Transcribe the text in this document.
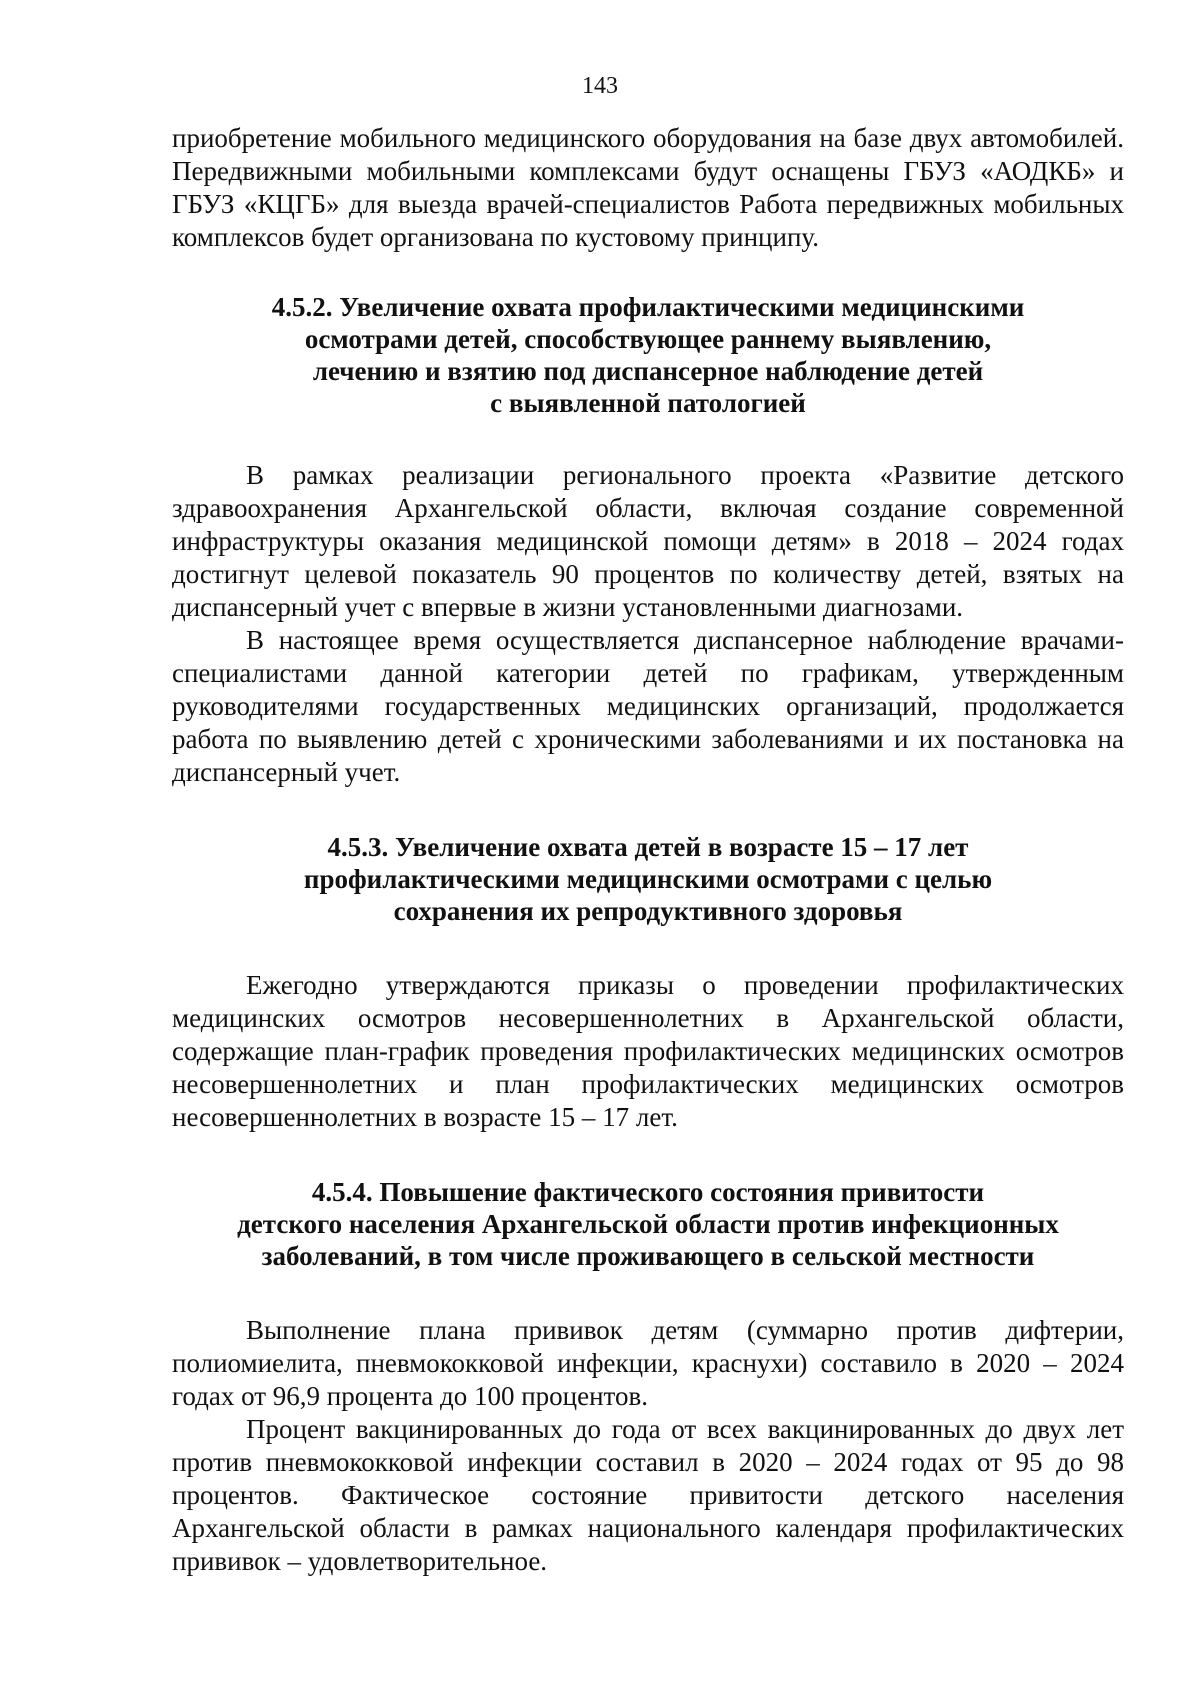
143

приобретение мобильного медицинского оборудования на базе двух автомобилей. Передвижными мобильными комплексами будут оснащены ГБУЗ «АОДКБ» и ГБУЗ «КЦГБ» для выезда врачей-специалистов Работа передвижных мобильных комплексов будет организована по кустовому принципу.

4.5.2. Увеличение охвата профилактическими медицинскими
осмотрами детей, способствующее раннему выявлению,
лечению и взятию под диспансерное наблюдение детей
с выявленной патологией

В рамках реализации регионального проекта «Развитие детского здравоохранения Архангельской области, включая создание современной инфраструктуры оказания медицинской помощи детям» в 2018 – 2024 годах достигнут целевой показатель 90 процентов по количеству детей, взятых на диспансерный учет с впервые в жизни установленными диагнозами.

В настоящее время осуществляется диспансерное наблюдение врачами-специалистами данной категории детей по графикам, утвержденным руководителями государственных медицинских организаций, продолжается работа по выявлению детей с хроническими заболеваниями и их постановка на диспансерный учет.

4.5.3. Увеличение охвата детей в возрасте 15 – 17 лет
профилактическими медицинскими осмотрами с целью
сохранения их репродуктивного здоровья

Ежегодно утверждаются приказы о проведении профилактических медицинских осмотров несовершеннолетних в Архангельской области, содержащие план-график проведения профилактических медицинских осмотров несовершеннолетних и план профилактических медицинских осмотров несовершеннолетних в возрасте 15 – 17 лет.

4.5.4. Повышение фактического состояния привитости
детского населения Архангельской области против инфекционных
заболеваний, в том числе проживающего в сельской местности

Выполнение плана прививок детям (суммарно против дифтерии, полиомиелита, пневмококковой инфекции, краснухи) составило в 2020 – 2024 годах от 96,9 процента до 100 процентов.

Процент вакцинированных до года от всех вакцинированных до двух лет против пневмококковой инфекции составил в 2020 – 2024 годах от 95 до 98 процентов. Фактическое состояние привитости детского населения Архангельской области в рамках национального календаря профилактических прививок – удовлетворительное.
